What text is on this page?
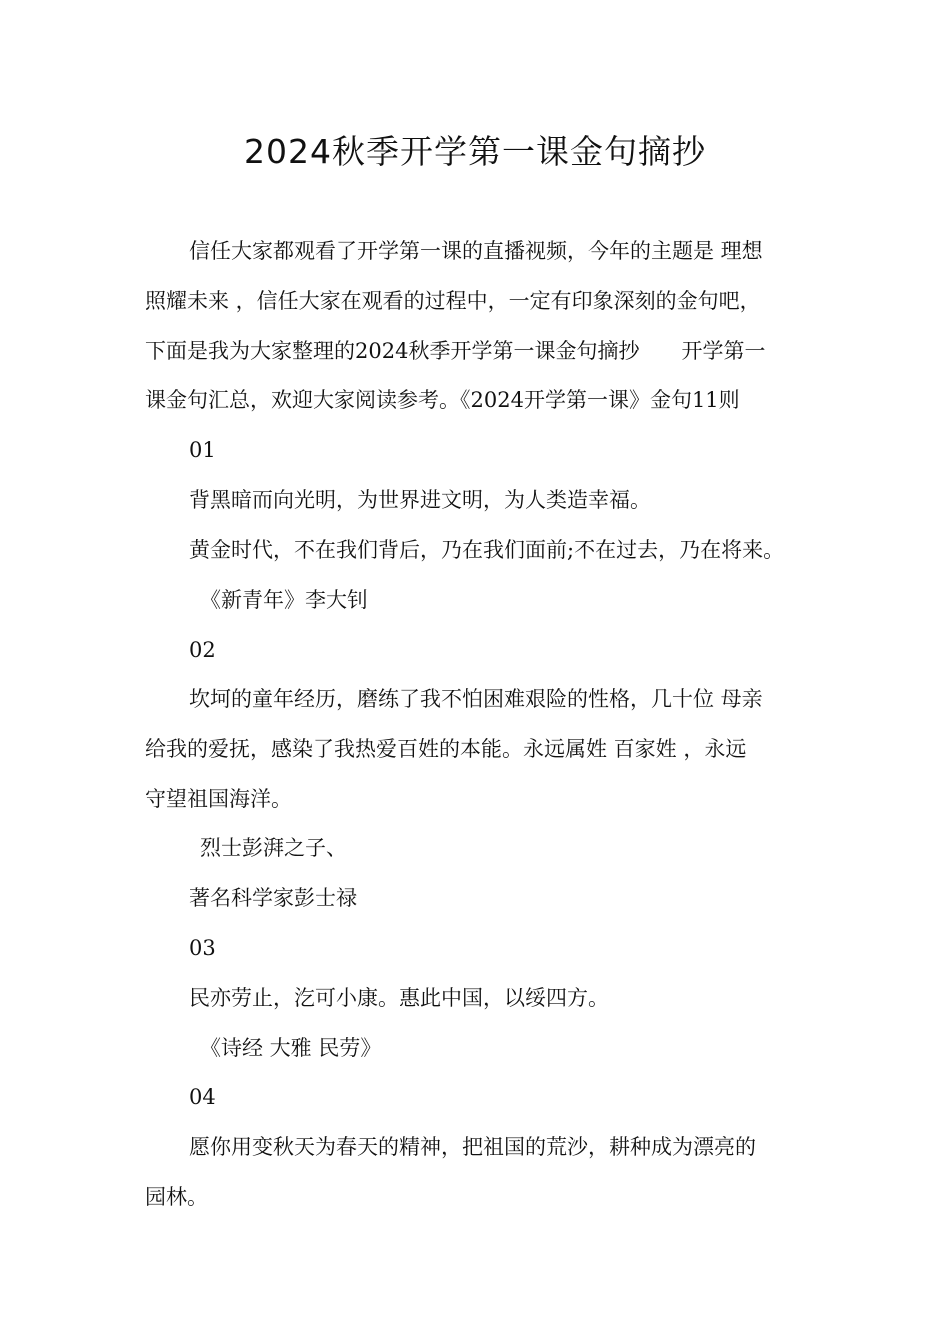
2024秋季开学第一课金句摘抄

信任大家都观看了开学第一课的直播视频，今年的主题是 理想

照耀未来 ，信任大家在观看的过程中，一定有印象深刻的金句吧，

下面是我为大家整理的2024秋季开学第一课金句摘抄　　开学第一

课金句汇总，欢迎大家阅读参考。《2024开学第一课》金句11则

01

背黑暗而向光明，为世界进文明，为人类造幸福。

黄金时代，不在我们背后，乃在我们面前;不在过去，乃在将来。

《新青年》李大钊

02

坎坷的童年经历，磨练了我不怕困难艰险的性格，几十位 母亲

给我的爱抚，感染了我热爱百姓的本能。永远属姓 百家姓 ，永远

守望祖国海洋。

烈士彭湃之子、

著名科学家彭士禄

03

民亦劳止，汔可小康。惠此中国，以绥四方。

《诗经 大雅 民劳》

04

愿你用变秋天为春天的精神，把祖国的荒沙，耕种成为漂亮的

园林。
